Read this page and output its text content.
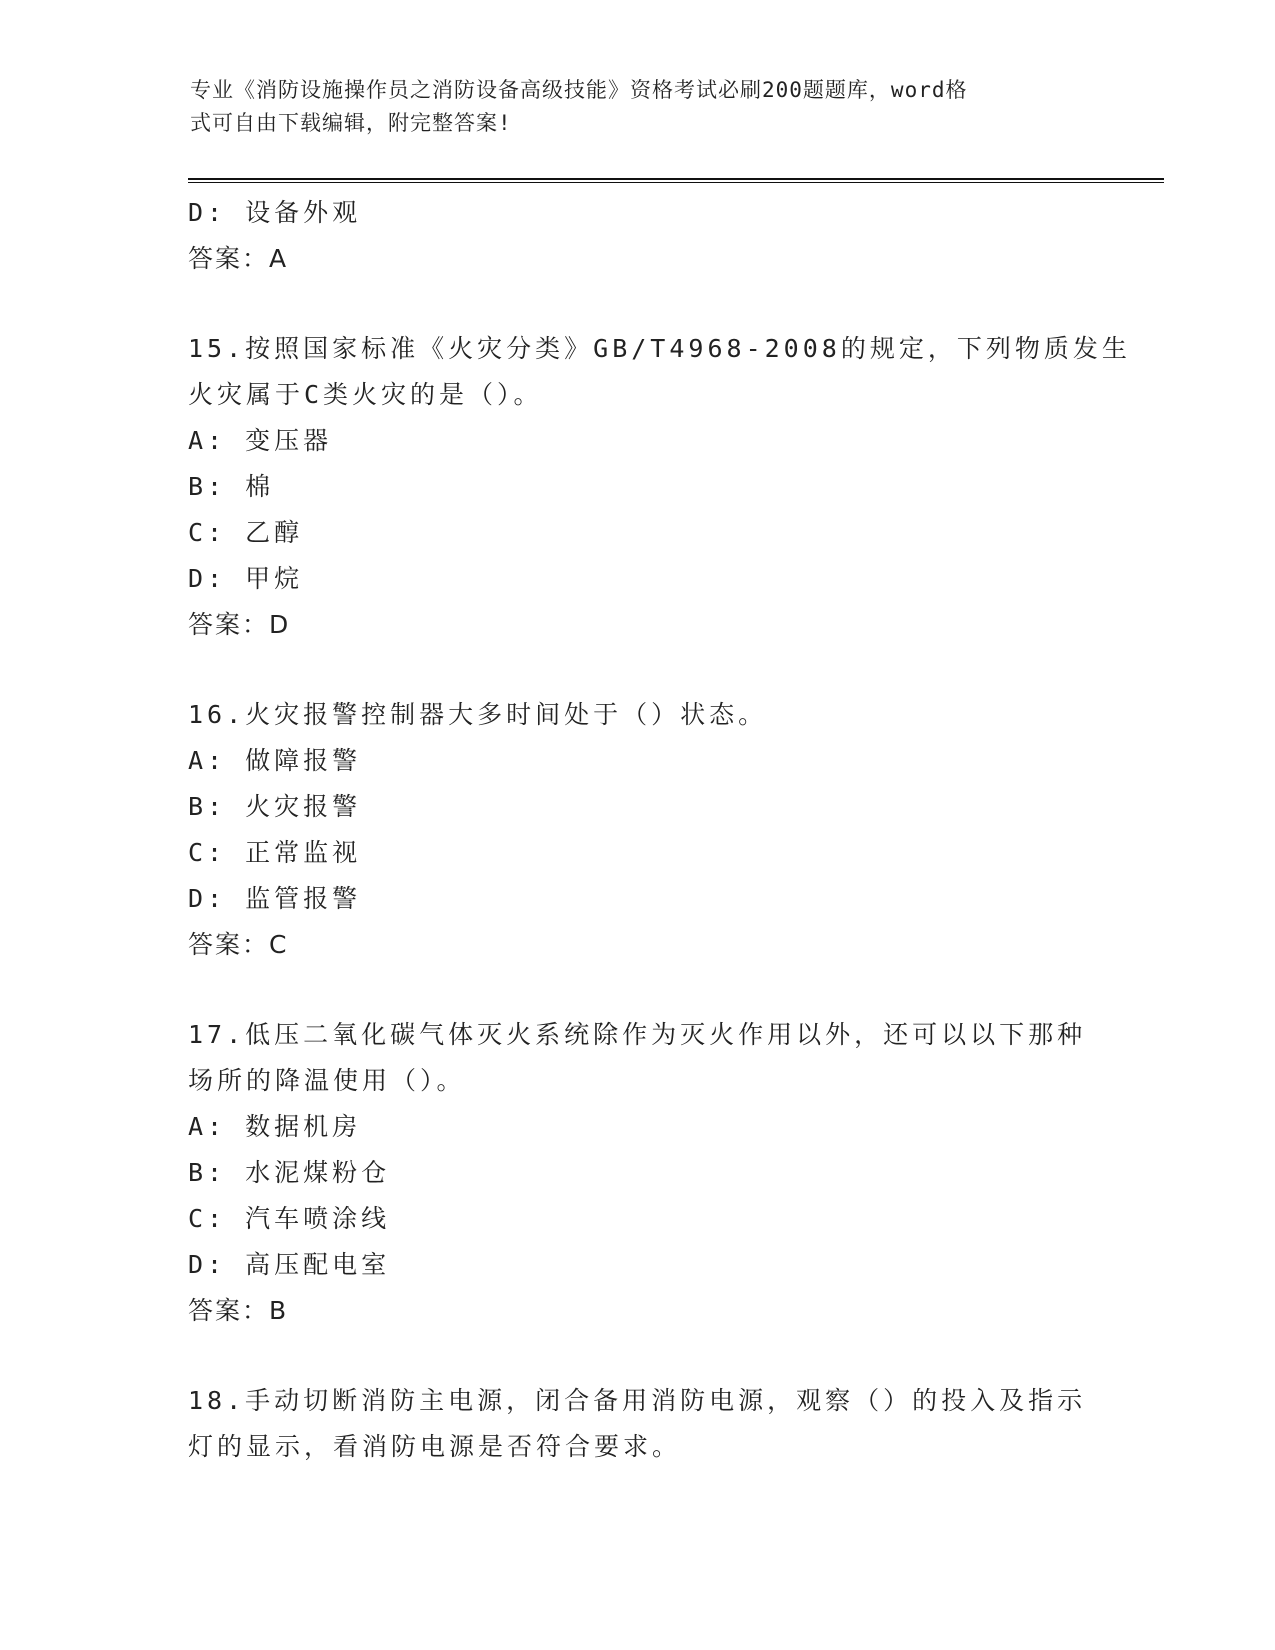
专业《消防设施操作员之消防设备高级技能》资格考试必刷200题题库，word格
式可自由下载编辑，附完整答案!
D: 设备外观
答案：A
15.按照国家标准《火灾分类》GB/T4968-2008的规定，下列物质发生
火灾属于C类火灾的是（）。
A: 变压器
B: 棉
C: 乙醇
D: 甲烷
答案：D
16.火灾报警控制器大多时间处于（）状态。
A: 做障报警
B: 火灾报警
C: 正常监视
D: 监管报警
答案：C
17.低压二氧化碳气体灭火系统除作为灭火作用以外，还可以以下那种
场所的降温使用（）。
A: 数据机房
B: 水泥煤粉仓
C: 汽车喷涂线
D: 高压配电室
答案：B
18.手动切断消防主电源，闭合备用消防电源，观察（）的投入及指示
灯的显示，看消防电源是否符合要求。
